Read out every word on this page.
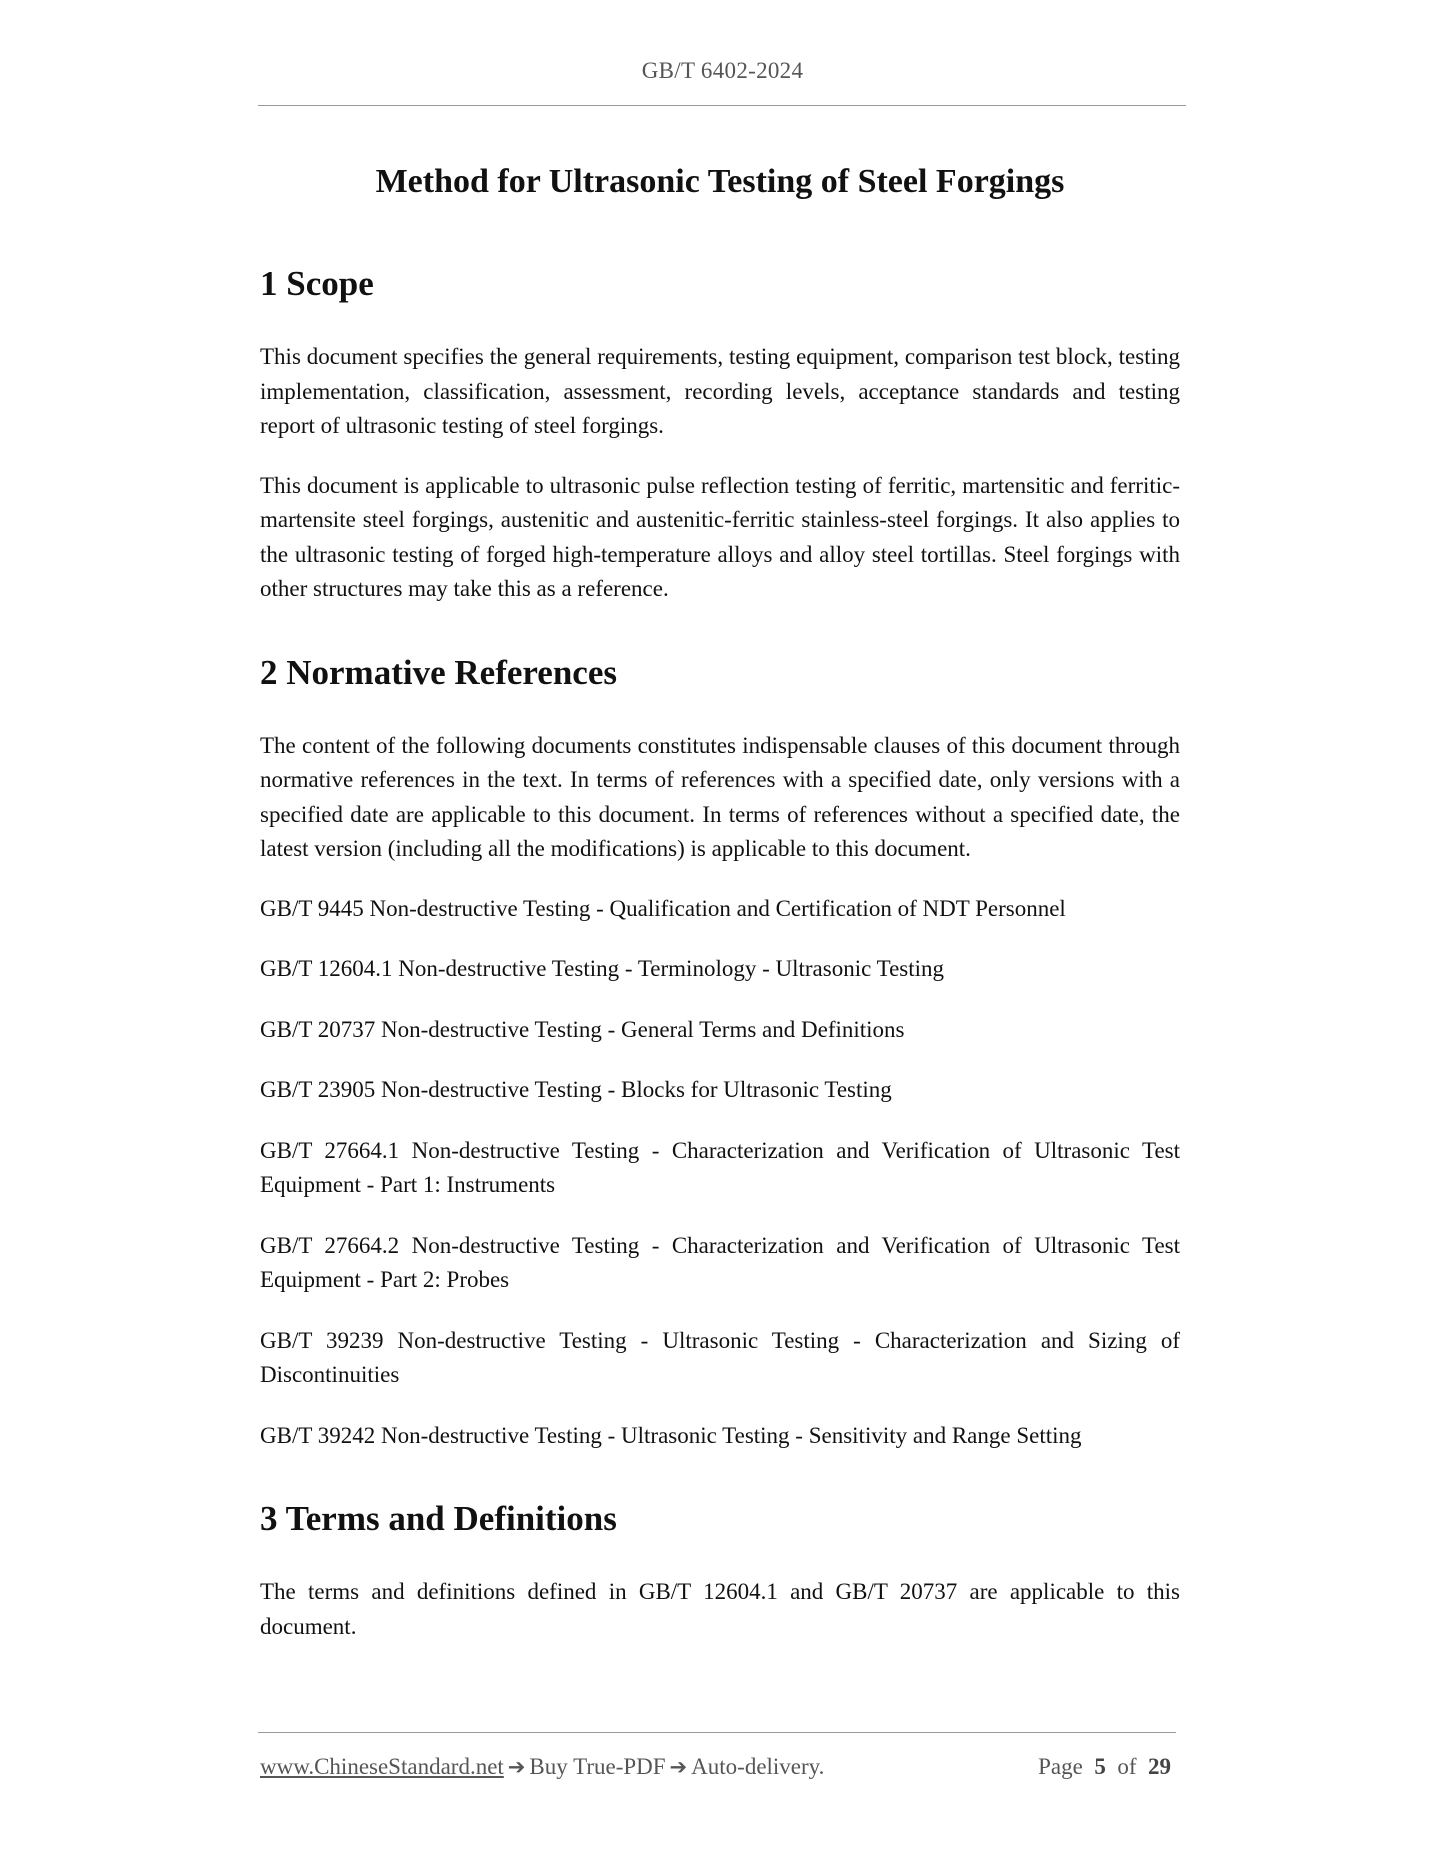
GB/T 6402-2024
Method for Ultrasonic Testing of Steel Forgings
1 Scope

This document specifies the general requirements, testing equipment, comparison test block, testing implementation, classification, assessment, recording levels, acceptance standards and testing report of ultrasonic testing of steel forgings.

This document is applicable to ultrasonic pulse reflection testing of ferritic, martensitic and ferritic-martensite steel forgings, austenitic and austenitic-ferritic stainless-steel forgings. It also applies to the ultrasonic testing of forged high-temperature alloys and alloy steel tortillas. Steel forgings with other structures may take this as a reference.

2 Normative References

The content of the following documents constitutes indispensable clauses of this document through normative references in the text. In terms of references with a specified date, only versions with a specified date are applicable to this document. In terms of references without a specified date, the latest version (including all the modifications) is applicable to this document.

GB/T 9445 Non-destructive Testing - Qualification and Certification of NDT Personnel

GB/T 12604.1 Non-destructive Testing - Terminology - Ultrasonic Testing

GB/T 20737 Non-destructive Testing - General Terms and Definitions

GB/T 23905 Non-destructive Testing - Blocks for Ultrasonic Testing

GB/T 27664.1 Non-destructive Testing - Characterization and Verification of Ultrasonic Test Equipment - Part 1: Instruments

GB/T 27664.2 Non-destructive Testing - Characterization and Verification of Ultrasonic Test Equipment - Part 2: Probes

GB/T 39239 Non-destructive Testing - Ultrasonic Testing - Characterization and Sizing of Discontinuities

GB/T 39242 Non-destructive Testing - Ultrasonic Testing - Sensitivity and Range Setting

3 Terms and Definitions

The terms and definitions defined in GB/T 12604.1 and GB/T 20737 are applicable to this document.

www.ChineseStandard.net ➔ Buy True-PDF ➔ Auto-delivery.	Page 5 of 29
